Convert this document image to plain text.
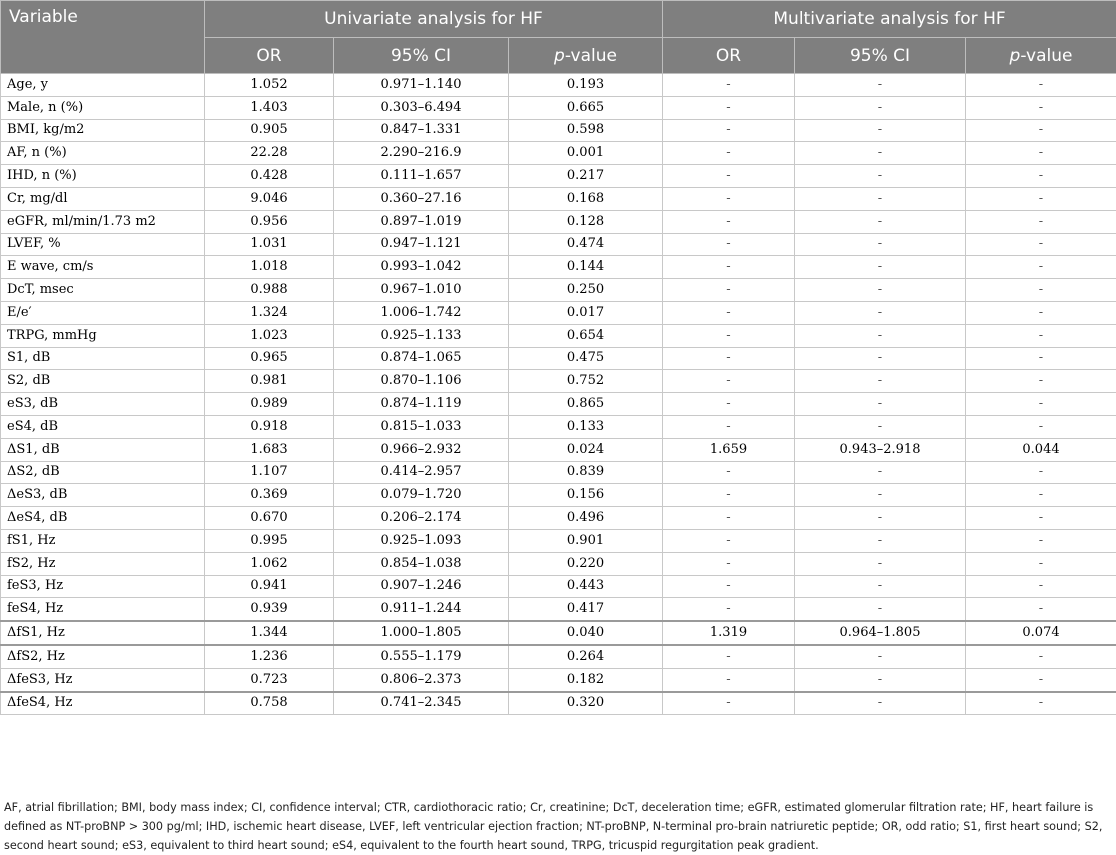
Variable	Univariate analysis for HF			Multivariate analysis for HF		
	OR	95% CI	p-value	OR	95% CI	p-value
Age, y	1.052	0.971–1.140	0.193	-	-	-
Male, n (%)	1.403	0.303–6.494	0.665	-	-	-
BMI, kg/m2	0.905	0.847–1.331	0.598	-	-	-
AF, n (%)	22.28	2.290–216.9	0.001	-	-	-
IHD, n (%)	0.428	0.111–1.657	0.217	-	-	-
Cr, mg/dl	9.046	0.360–27.16	0.168	-	-	-
eGFR, ml/min/1.73 m2	0.956	0.897–1.019	0.128	-	-	-
LVEF, %	1.031	0.947–1.121	0.474	-	-	-
E wave, cm/s	1.018	0.993–1.042	0.144	-	-	-
DcT, msec	0.988	0.967–1.010	0.250	-	-	-
E/e′	1.324	1.006–1.742	0.017	-	-	-
TRPG, mmHg	1.023	0.925–1.133	0.654	-	-	-
S1, dB	0.965	0.874–1.065	0.475	-	-	-
S2, dB	0.981	0.870–1.106	0.752	-	-	-
eS3, dB	0.989	0.874–1.119	0.865	-	-	-
eS4, dB	0.918	0.815–1.033	0.133	-	-	-
ΔS1, dB	1.683	0.966–2.932	0.024	1.659	0.943–2.918	0.044
ΔS2, dB	1.107	0.414–2.957	0.839	-	-	-
ΔeS3, dB	0.369	0.079–1.720	0.156	-	-	-
ΔeS4, dB	0.670	0.206–2.174	0.496	-	-	-
fS1, Hz	0.995	0.925–1.093	0.901	-	-	-
fS2, Hz	1.062	0.854–1.038	0.220	-	-	-
feS3, Hz	0.941	0.907–1.246	0.443	-	-	-
feS4, Hz	0.939	0.911–1.244	0.417	-	-	-
ΔfS1, Hz	1.344	1.000–1.805	0.040	1.319	0.964–1.805	0.074
ΔfS2, Hz	1.236	0.555–1.179	0.264	-	-	-
ΔfeS3, Hz	0.723	0.806–2.373	0.182	-	-	-
ΔfeS4, Hz	0.758	0.741–2.345	0.320	-	-	-
AF, atrial fibrillation; BMI, body mass index; CI, confidence interval; CTR, cardiothoracic ratio; Cr, creatinine; DcT, deceleration time; eGFR, estimated glomerular filtration rate; HF, heart failure is defined as NT-proBNP > 300 pg/ml; IHD, ischemic heart disease, LVEF, left ventricular ejection fraction; NT-proBNP, N-terminal pro-brain natriuretic peptide; OR, odd ratio; S1, first heart sound; S2, second heart sound; eS3, equivalent to third heart sound; eS4, equivalent to the fourth heart sound, TRPG, tricuspid regurgitation peak gradient.
